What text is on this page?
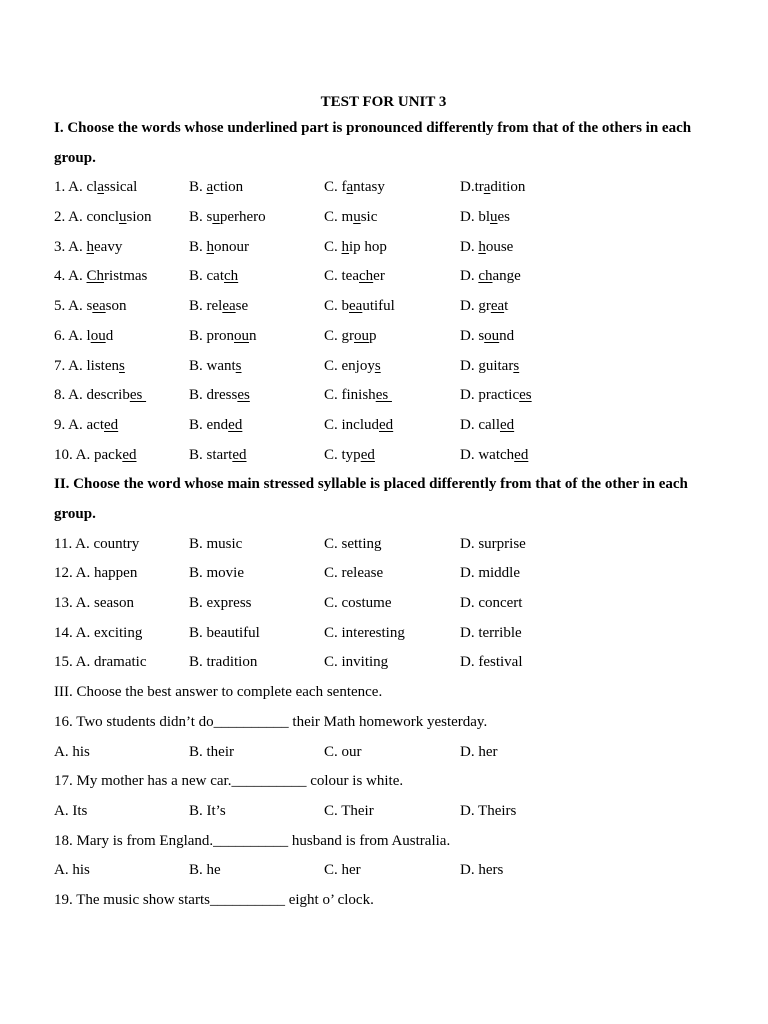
TEST FOR UNIT 3
I. Choose the words whose underlined part is pronounced differently from that of the others in each group.
1. A. classical	B. action	C. fantasy	D.tradition
2. A. conclusion	B. superhero	C. music	D. blues
3. A. heavy	B. honour	C. hip hop	D. house
4. A. Christmas	B. catch	C. teacher	D. change
5. A. season	B. release	C. beautiful	D. great
6. A. loud	B. pronoun	C. group	D. sound
7. A. listens	B. wants	C. enjoys	D. guitars
8. A. describes	B. dresses	C. finishes	D. practices
9. A. acted	B. ended	C. included	D. called
10. A. packed	B. started	C. typed	D. watched
II. Choose the word whose main stressed syllable is placed differently from that of the other in each group.
11. A. country	B. music	C. setting	D. surprise
12. A. happen	B. movie	C. release	D. middle
13. A. season	B. express	C. costume	D. concert
14. A. exciting	B. beautiful	C. interesting	D. terrible
15. A. dramatic	B. tradition	C. inviting	D. festival
III. Choose the best answer to complete each sentence.
16. Two students didn’t do__________ their Math homework yesterday.
A. his	B. their	C. our	D. her
17. My mother has a new car.__________ colour is white.
A. Its	B. It’s	C. Their	D. Theirs
18. Mary is from England.__________ husband is from Australia.
A. his	B. he	C. her	D. hers
19. The music show starts__________ eight o’ clock.
